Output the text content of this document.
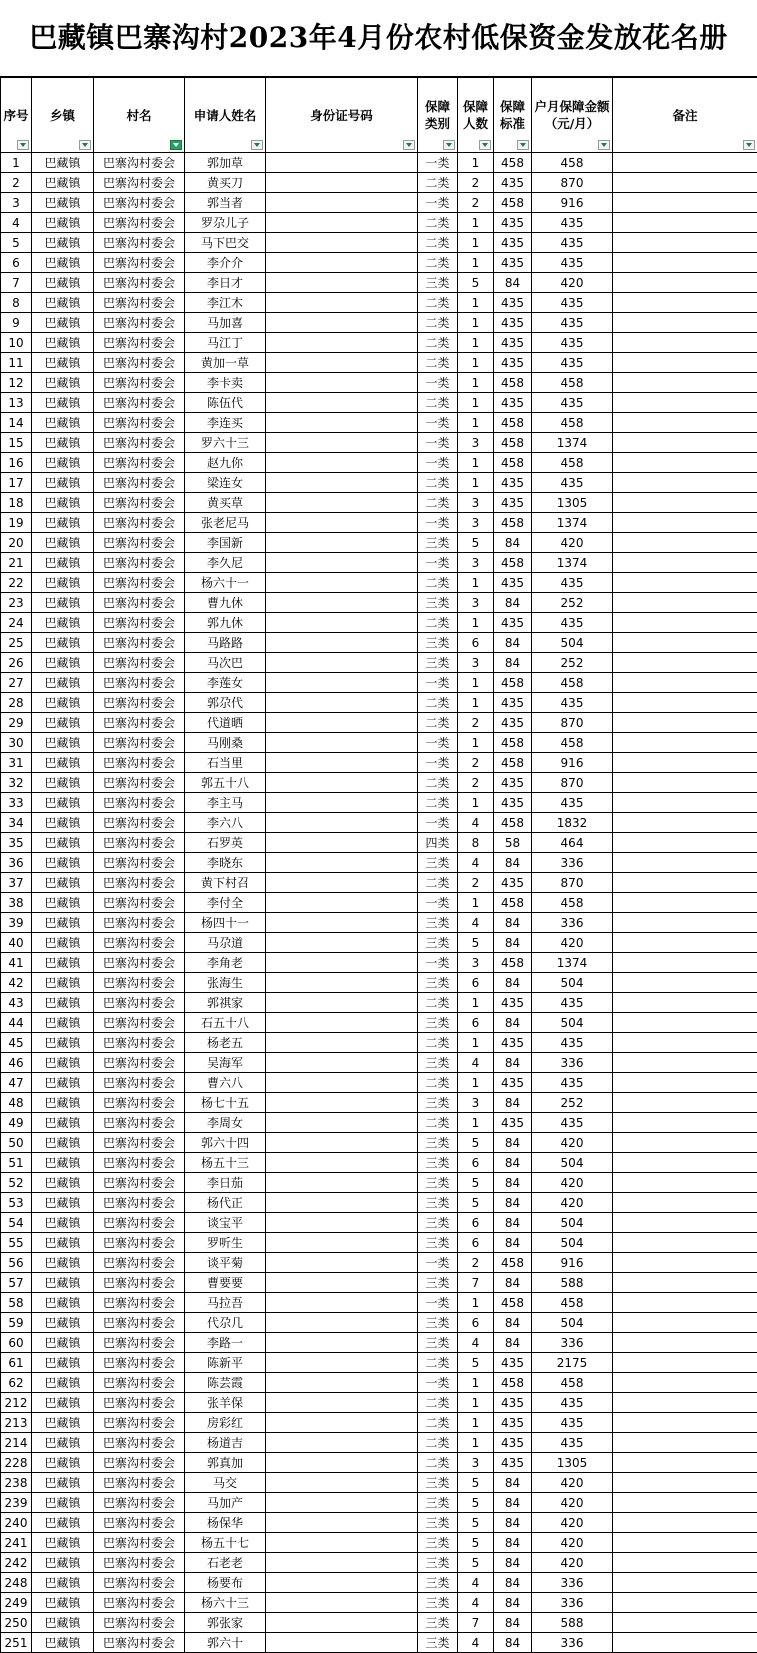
巴藏镇巴寨沟村2023年4月份农村低保资金发放花名册
序号	乡镇	村名	申请人姓名	身份证号码	保障类别	保障人数	保障标准	户月保障金额（元/月）	备注

1	巴藏镇	巴寨沟村委会	郭加草		一类	1	458	458	
2	巴藏镇	巴寨沟村委会	黄买刀		二类	2	435	870	
3	巴藏镇	巴寨沟村委会	郭当者		一类	2	458	916	
4	巴藏镇	巴寨沟村委会	罗尕儿子		二类	1	435	435	
5	巴藏镇	巴寨沟村委会	马下巴交		二类	1	435	435	
6	巴藏镇	巴寨沟村委会	李介介		二类	1	435	435	
7	巴藏镇	巴寨沟村委会	李日才		三类	5	84	420	
8	巴藏镇	巴寨沟村委会	李江木		二类	1	435	435	
9	巴藏镇	巴寨沟村委会	马加喜		二类	1	435	435	
10	巴藏镇	巴寨沟村委会	马江丁		二类	1	435	435	
11	巴藏镇	巴寨沟村委会	黄加一草		二类	1	435	435	
12	巴藏镇	巴寨沟村委会	李卡卖		一类	1	458	458	
13	巴藏镇	巴寨沟村委会	陈伍代		二类	1	435	435	
14	巴藏镇	巴寨沟村委会	李连买		一类	1	458	458	
15	巴藏镇	巴寨沟村委会	罗六十三		一类	3	458	1374	
16	巴藏镇	巴寨沟村委会	赵九你		一类	1	458	458	
17	巴藏镇	巴寨沟村委会	梁连女		二类	1	435	435	
18	巴藏镇	巴寨沟村委会	黄买草		二类	3	435	1305	
19	巴藏镇	巴寨沟村委会	张老尼马		一类	3	458	1374	
20	巴藏镇	巴寨沟村委会	李国新		三类	5	84	420	
21	巴藏镇	巴寨沟村委会	李久尼		一类	3	458	1374	
22	巴藏镇	巴寨沟村委会	杨六十一		二类	1	435	435	
23	巴藏镇	巴寨沟村委会	曹九休		三类	3	84	252	
24	巴藏镇	巴寨沟村委会	郭九休		二类	1	435	435	
25	巴藏镇	巴寨沟村委会	马路路		三类	6	84	504	
26	巴藏镇	巴寨沟村委会	马次巴		三类	3	84	252	
27	巴藏镇	巴寨沟村委会	李莲女		一类	1	458	458	
28	巴藏镇	巴寨沟村委会	郭尕代		二类	1	435	435	
29	巴藏镇	巴寨沟村委会	代道晒		二类	2	435	870	
30	巴藏镇	巴寨沟村委会	马刚桑		一类	1	458	458	
31	巴藏镇	巴寨沟村委会	石当里		一类	2	458	916	
32	巴藏镇	巴寨沟村委会	郭五十八		二类	2	435	870	
33	巴藏镇	巴寨沟村委会	李主马		二类	1	435	435	
34	巴藏镇	巴寨沟村委会	李六八		一类	4	458	1832	
35	巴藏镇	巴寨沟村委会	石罗英		四类	8	58	464	
36	巴藏镇	巴寨沟村委会	李晓东		三类	4	84	336	
37	巴藏镇	巴寨沟村委会	黄下村召		二类	2	435	870	
38	巴藏镇	巴寨沟村委会	李付全		一类	1	458	458	
39	巴藏镇	巴寨沟村委会	杨四十一		三类	4	84	336	
40	巴藏镇	巴寨沟村委会	马尕道		三类	5	84	420	
41	巴藏镇	巴寨沟村委会	李角老		一类	3	458	1374	
42	巴藏镇	巴寨沟村委会	张海生		三类	6	84	504	
43	巴藏镇	巴寨沟村委会	郭祺家		二类	1	435	435	
44	巴藏镇	巴寨沟村委会	石五十八		三类	6	84	504	
45	巴藏镇	巴寨沟村委会	杨老五		二类	1	435	435	
46	巴藏镇	巴寨沟村委会	吴海军		三类	4	84	336	
47	巴藏镇	巴寨沟村委会	曹六八		二类	1	435	435	
48	巴藏镇	巴寨沟村委会	杨七十五		三类	3	84	252	
49	巴藏镇	巴寨沟村委会	李周女		二类	1	435	435	
50	巴藏镇	巴寨沟村委会	郭六十四		三类	5	84	420	
51	巴藏镇	巴寨沟村委会	杨五十三		三类	6	84	504	
52	巴藏镇	巴寨沟村委会	李日茄		三类	5	84	420	
53	巴藏镇	巴寨沟村委会	杨代正		三类	5	84	420	
54	巴藏镇	巴寨沟村委会	谈宝平		三类	6	84	504	
55	巴藏镇	巴寨沟村委会	罗听生		三类	6	84	504	
56	巴藏镇	巴寨沟村委会	谈平菊		一类	2	458	916	
57	巴藏镇	巴寨沟村委会	曹要要		三类	7	84	588	
58	巴藏镇	巴寨沟村委会	马拉吾		一类	1	458	458	
59	巴藏镇	巴寨沟村委会	代尕几		三类	6	84	504	
60	巴藏镇	巴寨沟村委会	李路一		三类	4	84	336	
61	巴藏镇	巴寨沟村委会	陈新平		二类	5	435	2175	
62	巴藏镇	巴寨沟村委会	陈芸霞		一类	1	458	458	
212	巴藏镇	巴寨沟村委会	张羊保		二类	1	435	435	
213	巴藏镇	巴寨沟村委会	房彩红		二类	1	435	435	
214	巴藏镇	巴寨沟村委会	杨道吉		二类	1	435	435	
228	巴藏镇	巴寨沟村委会	郭真加		二类	3	435	1305	
238	巴藏镇	巴寨沟村委会	马交		三类	5	84	420	
239	巴藏镇	巴寨沟村委会	马加产		三类	5	84	420	
240	巴藏镇	巴寨沟村委会	杨保华		三类	5	84	420	
241	巴藏镇	巴寨沟村委会	杨五十七		三类	5	84	420	
242	巴藏镇	巴寨沟村委会	石老老		三类	5	84	420	
248	巴藏镇	巴寨沟村委会	杨要布		三类	4	84	336	
249	巴藏镇	巴寨沟村委会	杨六十三		三类	4	84	336	
250	巴藏镇	巴寨沟村委会	郭张家		三类	7	84	588	
251	巴藏镇	巴寨沟村委会	郭六十		三类	4	84	336	
